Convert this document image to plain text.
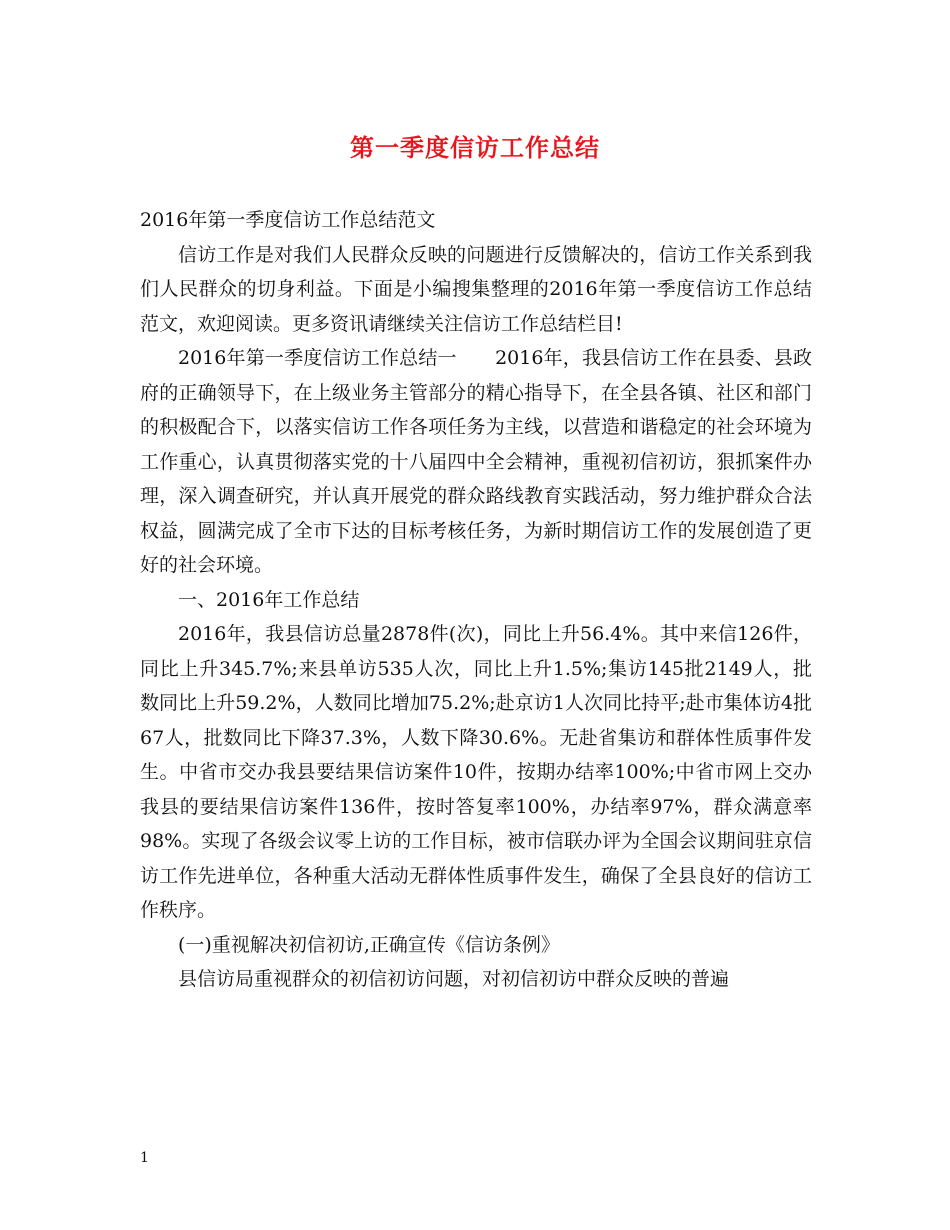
第一季度信访工作总结

2016年第一季度信访工作总结范文

信访工作是对我们人民群众反映的问题进行反馈解决的，信访工作关系到我们人民群众的切身利益。下面是小编搜集整理的2016年第一季度信访工作总结范文，欢迎阅读。更多资讯请继续关注信访工作总结栏目!

2016年第一季度信访工作总结一　　2016年，我县信访工作在县委、县政府的正确领导下，在上级业务主管部分的精心指导下，在全县各镇、社区和部门的积极配合下，以落实信访工作各项任务为主线，以营造和谐稳定的社会环境为工作重心，认真贯彻落实党的十八届四中全会精神，重视初信初访，狠抓案件办理，深入调查研究，并认真开展党的群众路线教育实践活动，努力维护群众合法权益，圆满完成了全市下达的目标考核任务，为新时期信访工作的发展创造了更好的社会环境。

一、2016年工作总结

2016年，我县信访总量2878件(次)，同比上升56.4%。其中来信126件，同比上升345.7%;来县单访535人次，同比上升1.5%;集访145批2149人，批数同比上升59.2%，人数同比增加75.2%;赴京访1人次同比持平;赴市集体访4批67人，批数同比下降37.3%，人数下降30.6%。无赴省集访和群体性质事件发生。中省市交办我县要结果信访案件10件，按期办结率100%;中省市网上交办我县的要结果信访案件136件，按时答复率100%，办结率97%，群众满意率98%。实现了各级会议零上访的工作目标，被市信联办评为全国会议期间驻京信访工作先进单位，各种重大活动无群体性质事件发生，确保了全县良好的信访工作秩序。

(一)重视解决初信初访,正确宣传《信访条例》

县信访局重视群众的初信初访问题，对初信初访中群众反映的普遍

1
